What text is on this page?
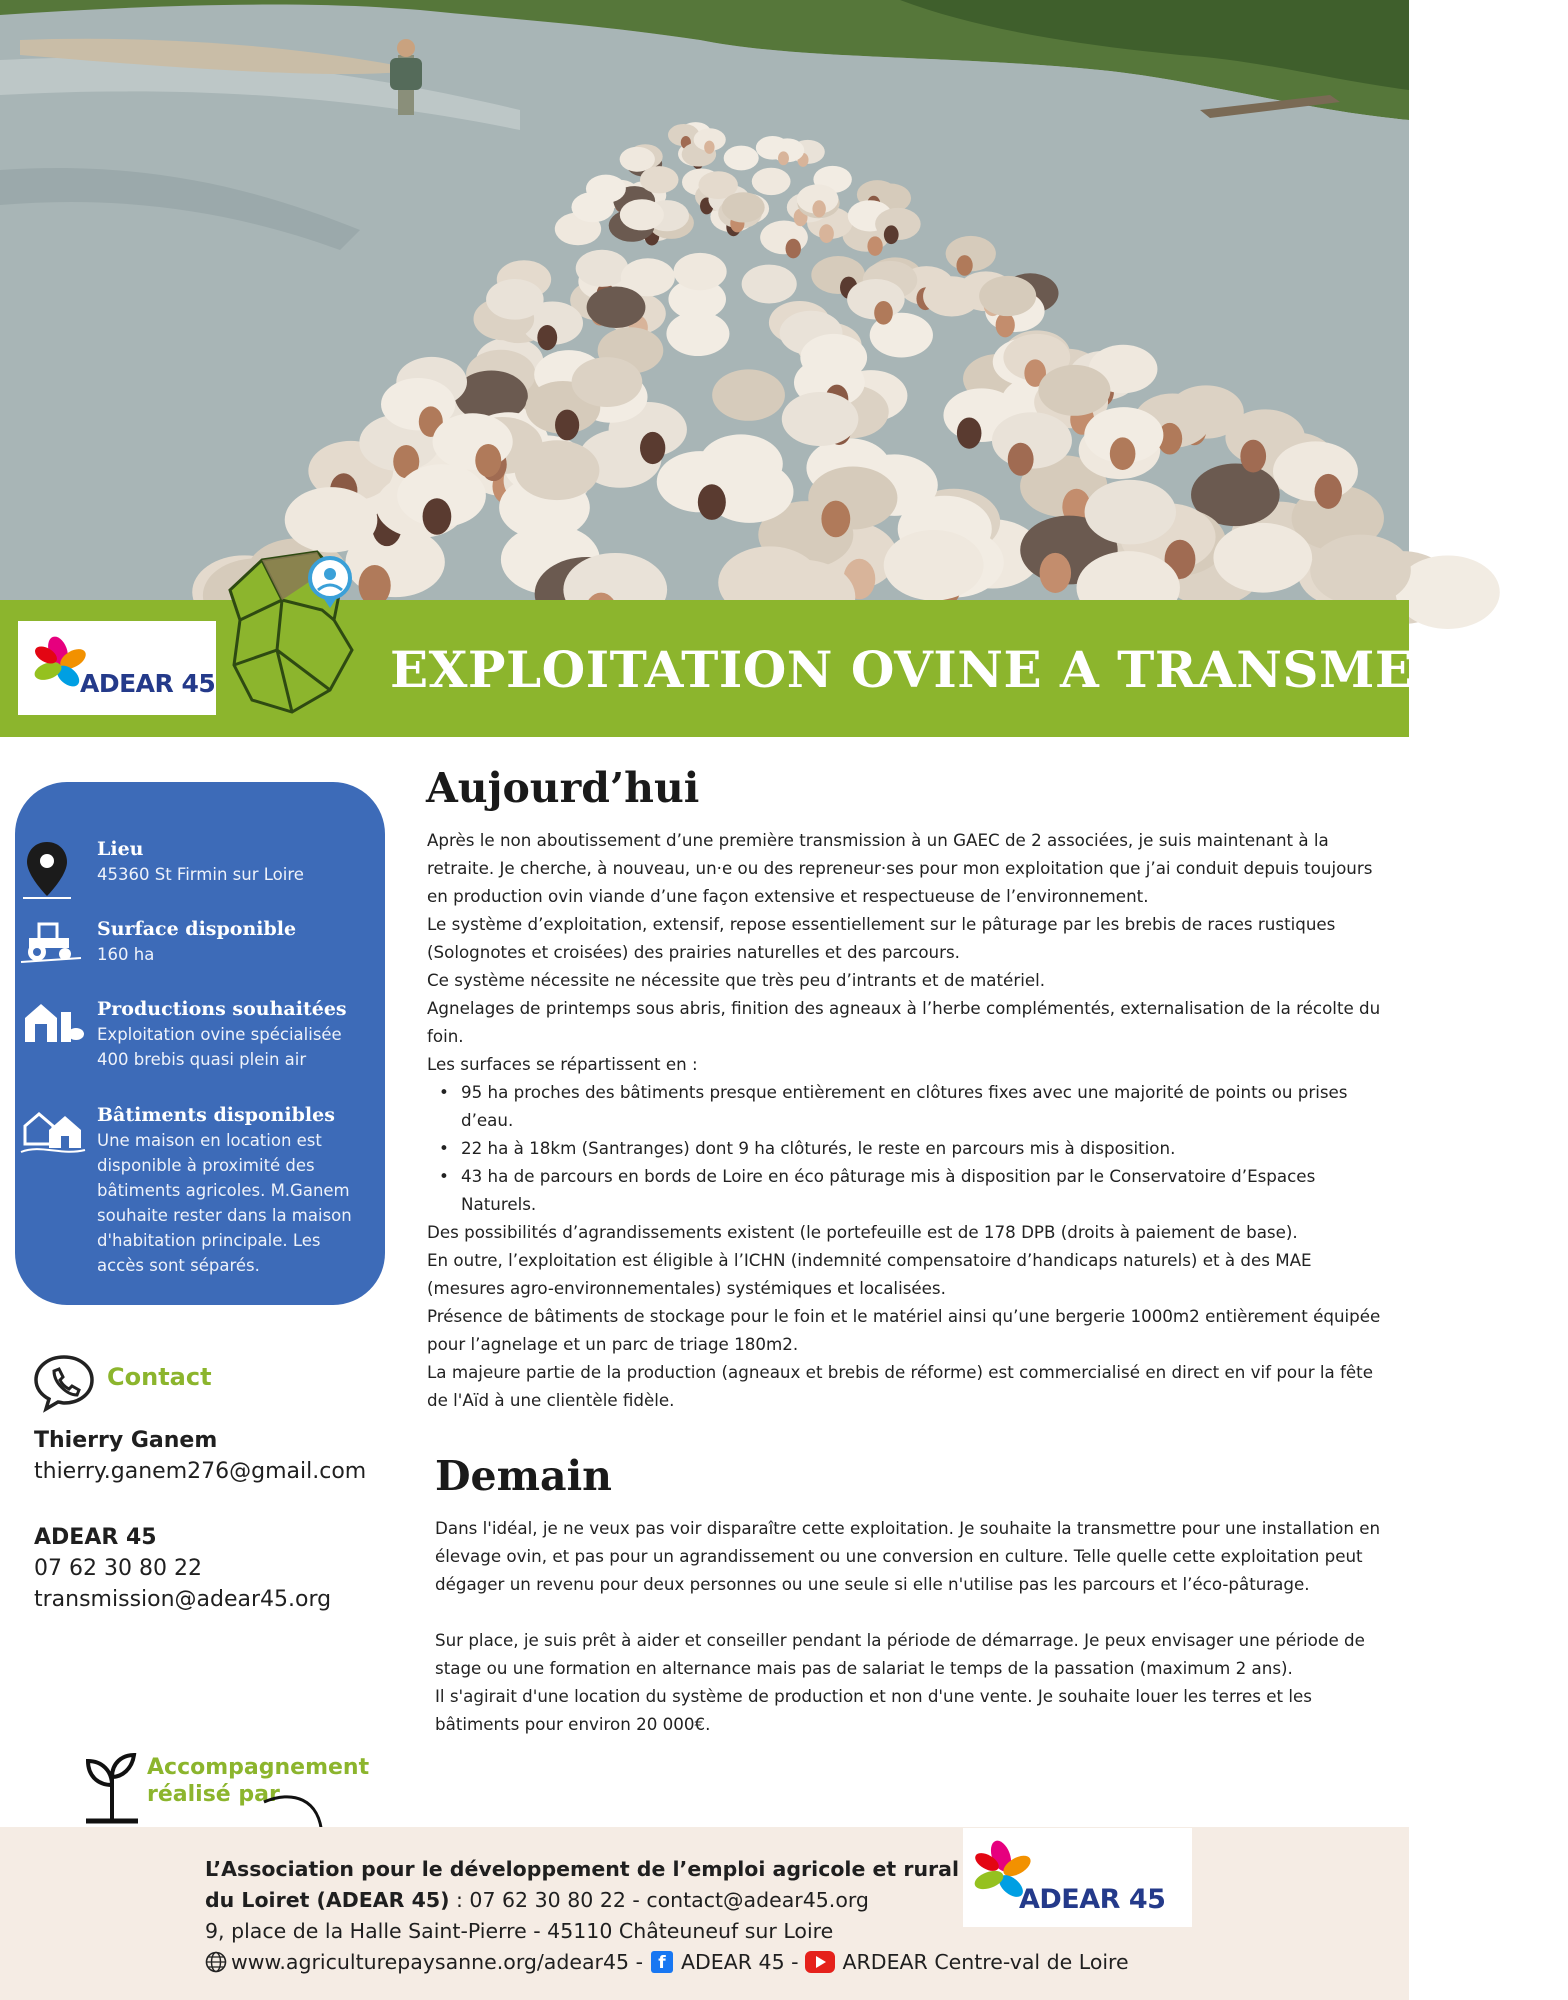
ADEAR 45	EXPLOITATION OVINE A TRANSMETTRE
Lieu
45360 St Firmin sur Loire
Surface disponible
160 ha
Productions souhaitées
Exploitation ovine spécialisée
400 brebis quasi plein air
Bâtiments disponibles
Une maison en location est disponible à proximité des bâtiments agricoles. M.Ganem souhaite rester dans la maison d'habitation principale. Les accès sont séparés.
Contact
Thierry Ganem
thierry.ganem276@gmail.com
ADEAR 45
07 62 30 80 22
transmission@adear45.org
Accompagnement
réalisé par
Aujourd’hui

Après le non aboutissement d’une première transmission à un GAEC de 2 associées, je suis maintenant à la retraite. Je cherche, à nouveau, un·e ou des repreneur·ses pour mon exploitation que j’ai conduit depuis toujours en production ovin viande d’une façon extensive et respectueuse de l’environnement.

Le système d’exploitation, extensif, repose essentiellement sur le pâturage par les brebis de races rustiques (Solognotes et croisées) des prairies naturelles et des parcours.

Ce système nécessite ne nécessite que très peu d’intrants et de matériel.

Agnelages de printemps sous abris, finition des agneaux à l’herbe complémentés, externalisation de la récolte du foin.

Les surfaces se répartissent en :

• 95 ha proches des bâtiments presque entièrement en clôtures fixes avec une majorité de points ou prises d’eau.
• 22 ha à 18km (Santranges) dont 9 ha clôturés, le reste en parcours mis à disposition.
• 43 ha de parcours en bords de Loire en éco pâturage mis à disposition par le Conservatoire d’Espaces Naturels.

Des possibilités d’agrandissements existent (le portefeuille est de 178 DPB (droits à paiement de base).

En outre, l’exploitation est éligible à l’ICHN (indemnité compensatoire d’handicaps naturels) et à des MAE (mesures agro-environnementales) systémiques et localisées.

Présence de bâtiments de stockage pour le foin et le matériel ainsi qu’une bergerie 1000m2 entièrement équipée pour l’agnelage et un parc de triage 180m2.

La majeure partie de la production (agneaux et brebis de réforme) est commercialisé en direct en vif pour la fête de l'Aïd à une clientèle fidèle.

Demain

Dans l'idéal, je ne veux pas voir disparaître cette exploitation. Je souhaite la transmettre pour une installation en élevage ovin, et pas pour un agrandissement ou une conversion en culture. Telle quelle cette exploitation peut dégager un revenu pour deux personnes ou une seule si elle n'utilise pas les parcours et l’éco-pâturage.

Sur place, je suis prêt à aider et conseiller pendant la période de démarrage. Je peux envisager une période de stage ou une formation en alternance mais pas de salariat le temps de la passation (maximum 2 ans).

Il s'agirait d'une location du système de production et non d'une vente. Je souhaite louer les terres et les bâtiments pour environ 20 000€.

ADEAR 45
L’Association pour le développement de l’emploi agricole et rural
du Loiret (ADEAR 45) : 07 62 30 80 22 - contact@adear45.org
9, place de la Halle Saint-Pierre - 45110 Châteuneuf sur Loire
www.agriculturepaysanne.org/adear45 - f ADEAR 45 - ARDEAR Centre-val de Loire
